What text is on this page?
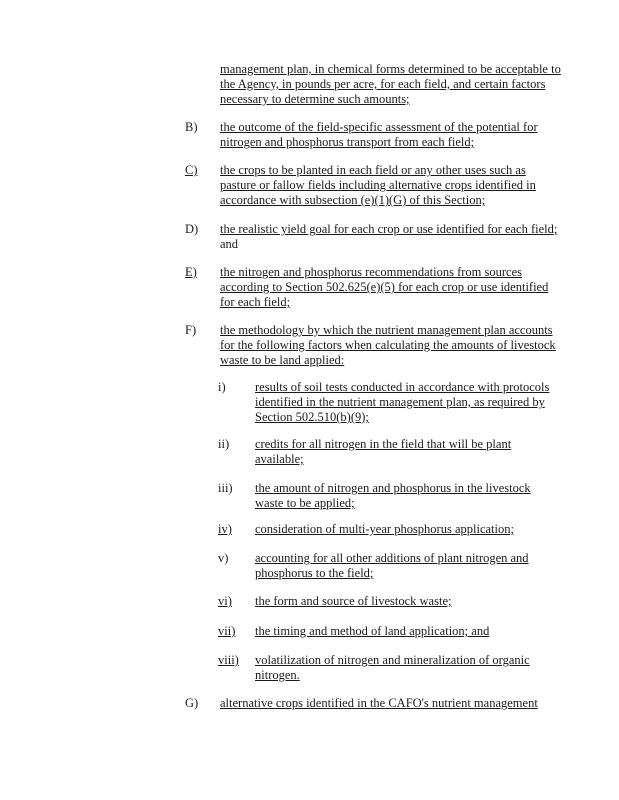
management plan, in chemical forms determined to be acceptable to
the Agency, in pounds per acre, for each field, and certain factors
necessary to determine such amounts;
B) the outcome of the field-specific assessment of the potential for
nitrogen and phosphorus transport from each field;
C) the crops to be planted in each field or any other uses such as
pasture or fallow fields including alternative crops identified in
accordance with subsection (e)(1)(G) of this Section;
D) the realistic yield goal for each crop or use identified for each field;
and
E) the nitrogen and phosphorus recommendations from sources
according to Section 502.625(e)(5) for each crop or use identified
for each field;
F) the methodology by which the nutrient management plan accounts
for the following factors when calculating the amounts of livestock
waste to be land applied:
i) results of soil tests conducted in accordance with protocols
identified in the nutrient management plan, as required by
Section 502.510(b)(9);
ii) credits for all nitrogen in the field that will be plant
available;
iii) the amount of nitrogen and phosphorus in the livestock
waste to be applied;
iv) consideration of multi-year phosphorus application;
v) accounting for all other additions of plant nitrogen and
phosphorus to the field;
vi) the form and source of livestock waste;
vii) the timing and method of land application; and
viii) volatilization of nitrogen and mineralization of organic
nitrogen.
G) alternative crops identified in the CAFO's nutrient management
